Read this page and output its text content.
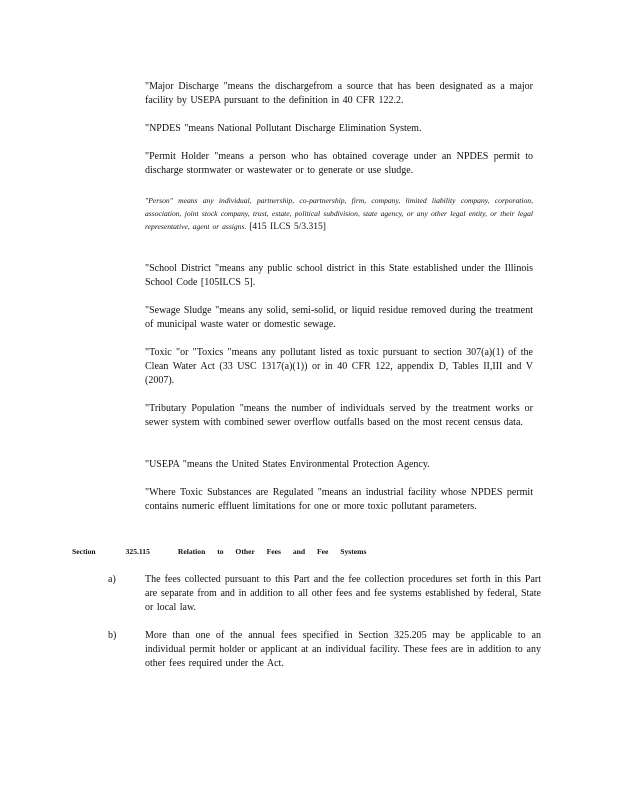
"Major Discharge "means the dischargefrom a source that has been designated as a major facility by USEPA pursuant to the definition in 40 CFR 122.2.

"NPDES "means National Pollutant Discharge Elimination System.

"Permit Holder "means a person who has obtained coverage under an NPDES permit to discharge stormwater or wastewater or to generate or use sludge.

"Person" means any individual, partnership, co-partnership, firm, company, limited liability company, corporation, association, joint stock company, trust, estate, political subdivision, state agency, or any other legal entity, or their legal representative, agent or assigns. [415 ILCS 5/3.315]

"School District "means any public school district in this State established under the Illinois School Code [105ILCS 5].

"Sewage Sludge "means any solid, semi-solid, or liquid residue removed during the treatment of municipal waste water or domestic sewage.

"Toxic "or "Toxics "means any pollutant listed as toxic pursuant to section 307(a)(1) of the Clean Water Act (33 USC 1317(a)(1)) or in 40 CFR 122, appendix D, Tables II,III and V (2007).

"Tributary Population "means the number of individuals served by the treatment works or sewer system with combined sewer overflow outfalls based on the most recent census data.

"USEPA "means the United States Environmental Protection Agency.

"Where Toxic Substances are Regulated "means an industrial facility whose NPDES permit contains numeric effluent limitations for one or more toxic pollutant parameters.

Section	325.115	Relation to Other Fees and Fee Systems
a)	The fees collected pursuant to this Part and the fee collection procedures set forth in this Part are separate from and in addition to all other fees and fee systems established by federal, State or local law.

b)	More than one of the annual fees specified in Section 325.205 may be applicable to an individual permit holder or applicant at an individual facility. These fees are in addition to any other fees required under the Act.
